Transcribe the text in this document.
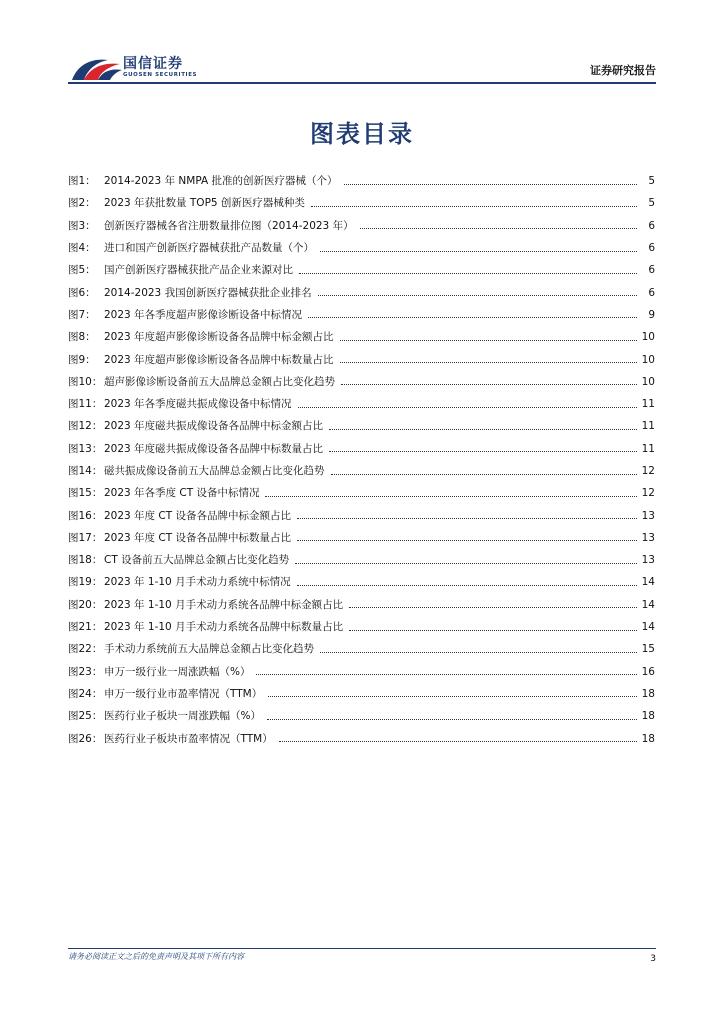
国信证券
GUOSEN SECURITIES	证券研究报告
图表目录
图1： 2014-2023 年 NMPA 批准的创新医疗器械（个）	5
图2： 2023 年获批数量 TOP5 创新医疗器械种类	5
图3： 创新医疗器械各省注册数量排位图（2014-2023 年）	6
图4： 进口和国产创新医疗器械获批产品数量（个）	6
图5： 国产创新医疗器械获批产品企业来源对比	6
图6： 2014-2023 我国创新医疗器械获批企业排名	6
图7： 2023 年各季度超声影像诊断设备中标情况	9
图8： 2023 年度超声影像诊断设备各品牌中标金额占比	10
图9： 2023 年度超声影像诊断设备各品牌中标数量占比	10
图10： 超声影像诊断设备前五大品牌总金额占比变化趋势	10
图11： 2023 年各季度磁共振成像设备中标情况	11
图12： 2023 年度磁共振成像设备各品牌中标金额占比	11
图13： 2023 年度磁共振成像设备各品牌中标数量占比	11
图14： 磁共振成像设备前五大品牌总金额占比变化趋势	12
图15： 2023 年各季度 CT 设备中标情况	12
图16： 2023 年度 CT 设备各品牌中标金额占比	13
图17： 2023 年度 CT 设备各品牌中标数量占比	13
图18： CT 设备前五大品牌总金额占比变化趋势	13
图19： 2023 年 1-10 月手术动力系统中标情况	14
图20： 2023 年 1-10 月手术动力系统各品牌中标金额占比	14
图21： 2023 年 1-10 月手术动力系统各品牌中标数量占比	14
图22： 手术动力系统前五大品牌总金额占比变化趋势	15
图23： 申万一级行业一周涨跌幅（%）	16
图24： 申万一级行业市盈率情况（TTM）	18
图25： 医药行业子板块一周涨跌幅（%）	18
图26： 医药行业子板块市盈率情况（TTM）	18
请务必阅读正文之后的免责声明及其项下所有内容	3
